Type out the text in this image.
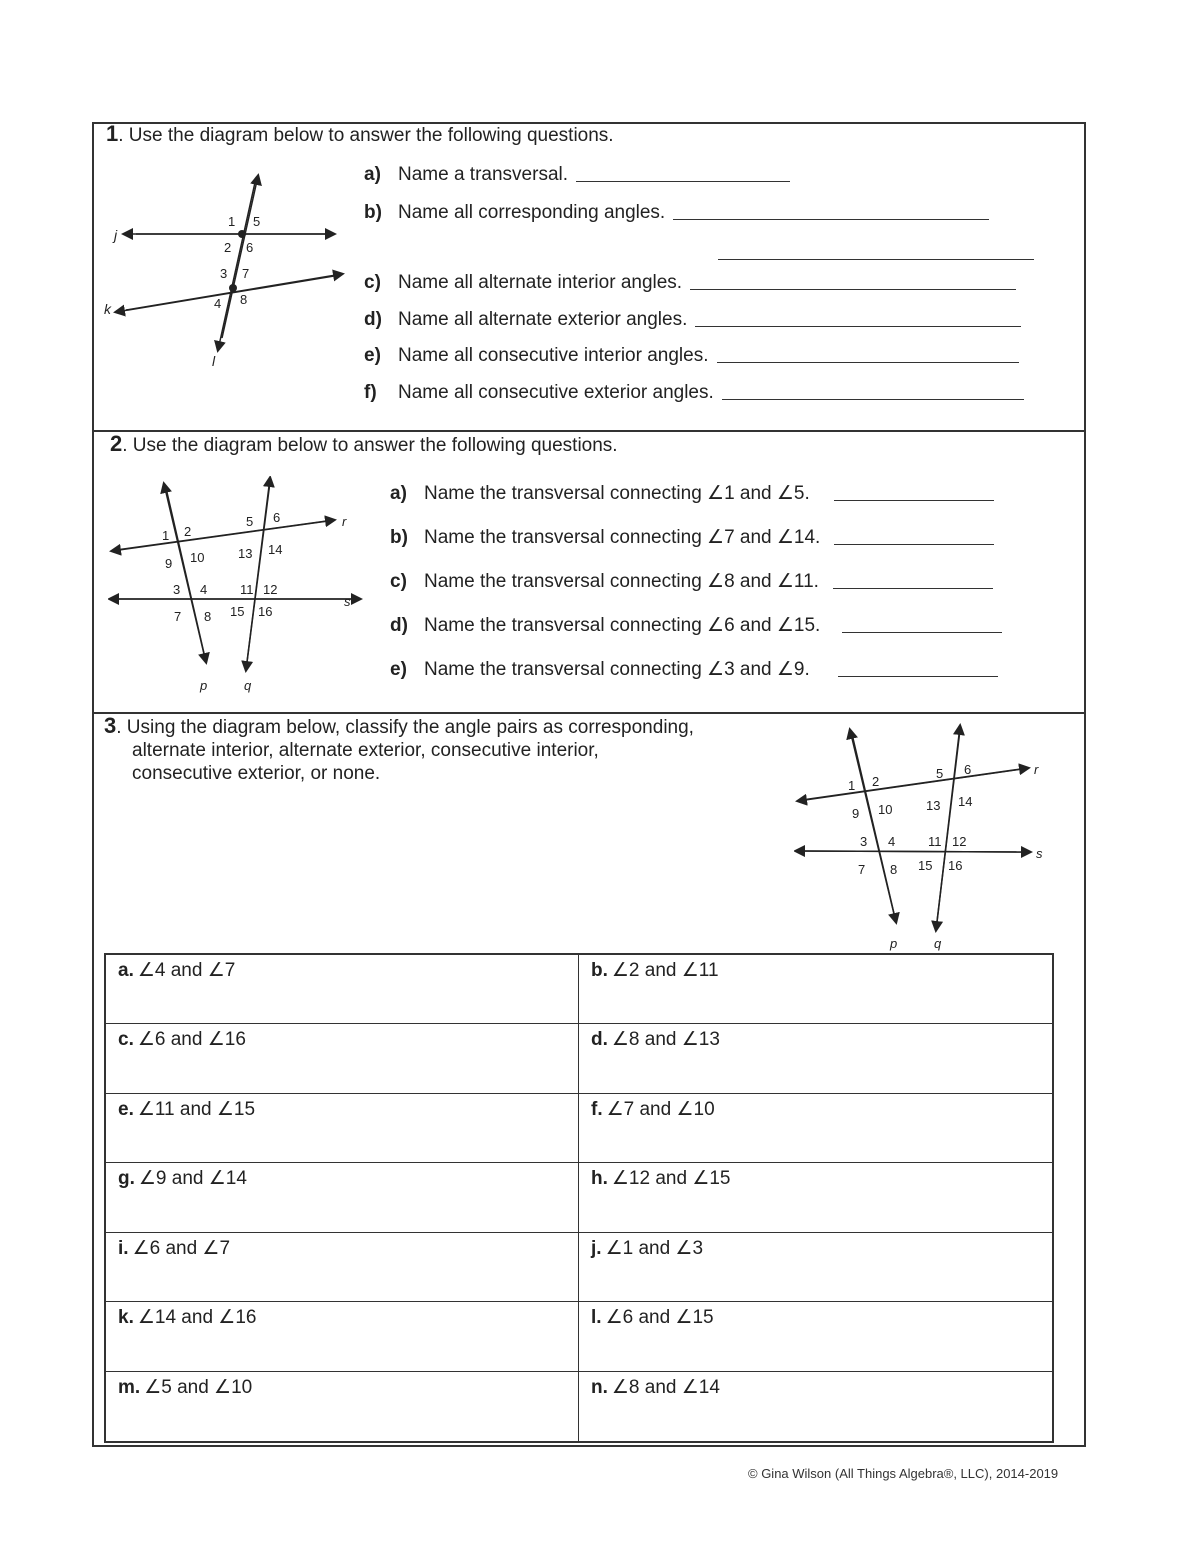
1. Use the diagram below to answer the following questions.
j
k
l
1 5
2 6
3 7
4 8
a) Name a transversal.
b) Name all corresponding angles.
c) Name all alternate interior angles.
d) Name all alternate exterior angles.
e) Name all consecutive interior angles.
f)	Name all consecutive exterior angles.
2. Use the diagram below to answer the following questions.
r
s
p	q
1 2
9 10
5 6
13 14
3 4	11 12
7 8 15 16
a) Name the transversal connecting ∠1 and ∠5.
b) Name the transversal connecting ∠7 and ∠14.
c) Name the transversal connecting ∠8 and ∠11.
d) Name the transversal connecting ∠6 and ∠15.
e) Name the transversal connecting ∠3 and ∠9.
3. Using the diagram below, classify the angle pairs as corresponding,
alternate interior, alternate exterior, consecutive interior,
consecutive exterior, or none.	r
s
p	q
1 2
9 10
5 6
13 14
3 4	11 12
7 8 15 16
a. ∠4 and ∠7	b. ∠2 and ∠11
c. ∠6 and ∠16	d. ∠8 and ∠13
e. ∠11 and ∠15	f. ∠7 and ∠10
g. ∠9 and ∠14	h. ∠12 and ∠15
i. ∠6 and ∠7	j. ∠1 and ∠3
k. ∠14 and ∠16	l. ∠6 and ∠15
m. ∠5 and ∠10	n. ∠8 and ∠14
© Gina Wilson (All Things Algebra®, LLC), 2014-2019
